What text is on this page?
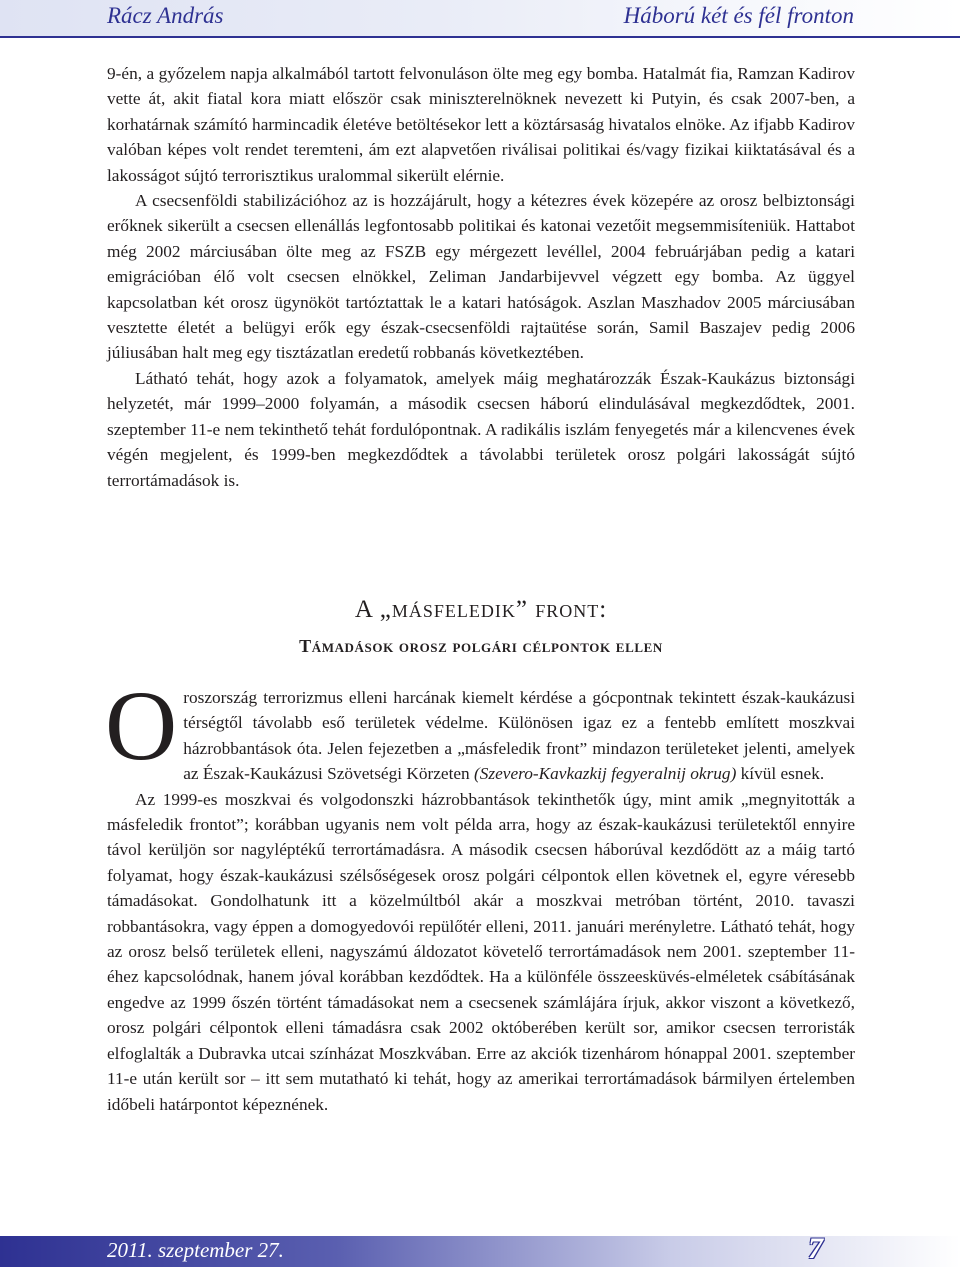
Rácz András	Háború két és fél fronton

9-én, a győzelem napja alkalmából tartott felvonuláson ölte meg egy bomba. Hatalmát fia, Ramzan Kadirov vette át, akit fiatal kora miatt először csak miniszterelnöknek nevezett ki Putyin, és csak 2007-ben, a korhatárnak számító harmincadik életéve betöltésekor lett a köztársaság hivatalos elnöke. Az ifjabb Kadirov valóban képes volt rendet teremteni, ám ezt alapvetően riválisai politikai és/vagy fizikai kiiktatásával és a lakosságot sújtó terrorisztikus uralommal sikerült elérnie.

A csecsenföldi stabilizációhoz az is hozzájárult, hogy a kétezres évek közepére az orosz belbiztonsági erőknek sikerült a csecsen ellenállás legfontosabb politikai és katonai vezetőit megsemmisíteniük. Hattabot még 2002 márciusában ölte meg az FSZB egy mérgezett levéllel, 2004 februárjában pedig a katari emigrációban élő volt csecsen elnökkel, Zeliman Jandarbijevvel végzett egy bomba. Az üggyel kapcsolatban két orosz ügynököt tartóztattak le a katari hatóságok. Aszlan Maszhadov 2005 márciusában vesztette életét a belügyi erők egy észak-csecsenföldi rajtaütése során, Samil Baszajev pedig 2006 júliusában halt meg egy tisztázatlan eredetű robbanás következtében.

Látható tehát, hogy azok a folyamatok, amelyek máig meghatározzák Észak-Kaukázus biztonsági helyzetét, már 1999–2000 folyamán, a második csecsen háború elindulásával megkezdődtek, 2001. szeptember 11-e nem tekinthető tehát fordulópontnak. A radikális iszlám fenyegetés már a kilencvenes évek végén megjelent, és 1999-ben megkezdődtek a távolabbi területek orosz polgári lakosságát sújtó terrortámadások is.

A „másfeledik” front:
Támadások orosz polgári célpontok ellen

Oroszország terrorizmus elleni harcának kiemelt kérdése a gócpontnak tekintett észak-kaukázusi térségtől távolabb eső területek védelme. Különösen igaz ez a fentebb említett moszkvai házrobbantások óta. Jelen fejezetben a „másfeledik front” mindazon területeket jelenti, amelyek az Észak-Kaukázusi Szövetségi Körzeten (Szevero-Kavkazkij fegyeralnij okrug) kívül esnek.

Az 1999-es moszkvai és volgodonszki házrobbantások tekinthetők úgy, mint amik „megnyitották a másfeledik frontot”; korábban ugyanis nem volt példa arra, hogy az észak-kaukázusi területektől ennyire távol kerüljön sor nagyléptékű terrortámadásra. A második csecsen háborúval kezdődött az a máig tartó folyamat, hogy észak-kaukázusi szélsőségesek orosz polgári célpontok ellen követnek el, egyre véresebb támadásokat. Gondolhatunk itt a közelmúltból akár a moszkvai metróban történt, 2010. tavaszi robbantásokra, vagy éppen a domogyedovói repülőtér elleni, 2011. januári merényletre. Látható tehát, hogy az orosz belső területek elleni, nagyszámú áldozatot követelő terrortámadások nem 2001. szeptember 11-éhez kapcsolódnak, hanem jóval korábban kezdődtek. Ha a különféle összeesküvés-elméletek csábításának engedve az 1999 őszén történt támadásokat nem a csecsenek számlájára írjuk, akkor viszont a következő, orosz polgári célpontok elleni támadásra csak 2002 októberében került sor, amikor csecsen terroristák elfoglalták a Dubravka utcai színházat Moszkvában. Erre az akciók tizenhárom hónappal 2001. szeptember 11-e után került sor – itt sem mutatható ki tehát, hogy az amerikai terrortámadások bármilyen értelemben időbeli határpontot képeznének.

2011. szeptember 27.	7
